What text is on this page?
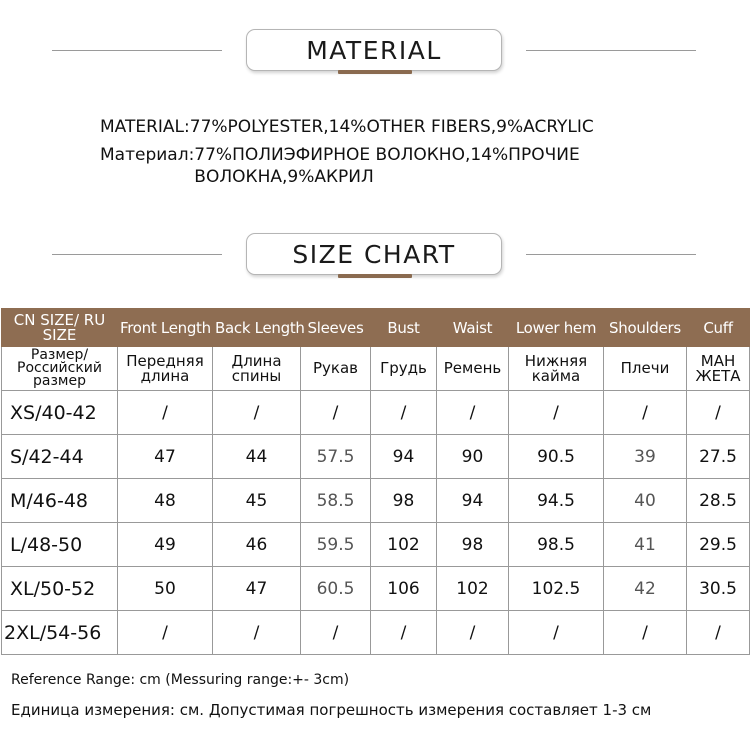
MATERIAL
MATERIAL: 77%POLYESTER,14%OTHER FIBERS,9%ACRYLIC
Материал: 77%ПОЛИЭФИРНОЕ ВОЛОКНО,14%ПРОЧИЕ ВОЛОКНА,9%АКРИЛ
SIZE CHART
CN SIZE/ RU SIZE	Front Length	Back Length	Sleeves	Bust	Waist	Lower hem	Shoulders	Cuff
Размер/ Российский размер	Передняя длина	Длина спины	Рукав	Грудь	Ремень	Нижняя кайма	Плечи	МАН ЖЕТА
XS/40-42	/	/	/	/	/	/	/	/
S/42-44	47	44	57.5	94	90	90.5	39	27.5
M/46-48	48	45	58.5	98	94	94.5	40	28.5
L/48-50	49	46	59.5	102	98	98.5	41	29.5
XL/50-52	50	47	60.5	106	102	102.5	42	30.5
2XL/54-56	/	/	/	/	/	/	/	/
Reference Range: cm (Messuring range:+- 3cm)
Единица измерения: см. Допустимая погрешность измерения составляет 1-3 см
